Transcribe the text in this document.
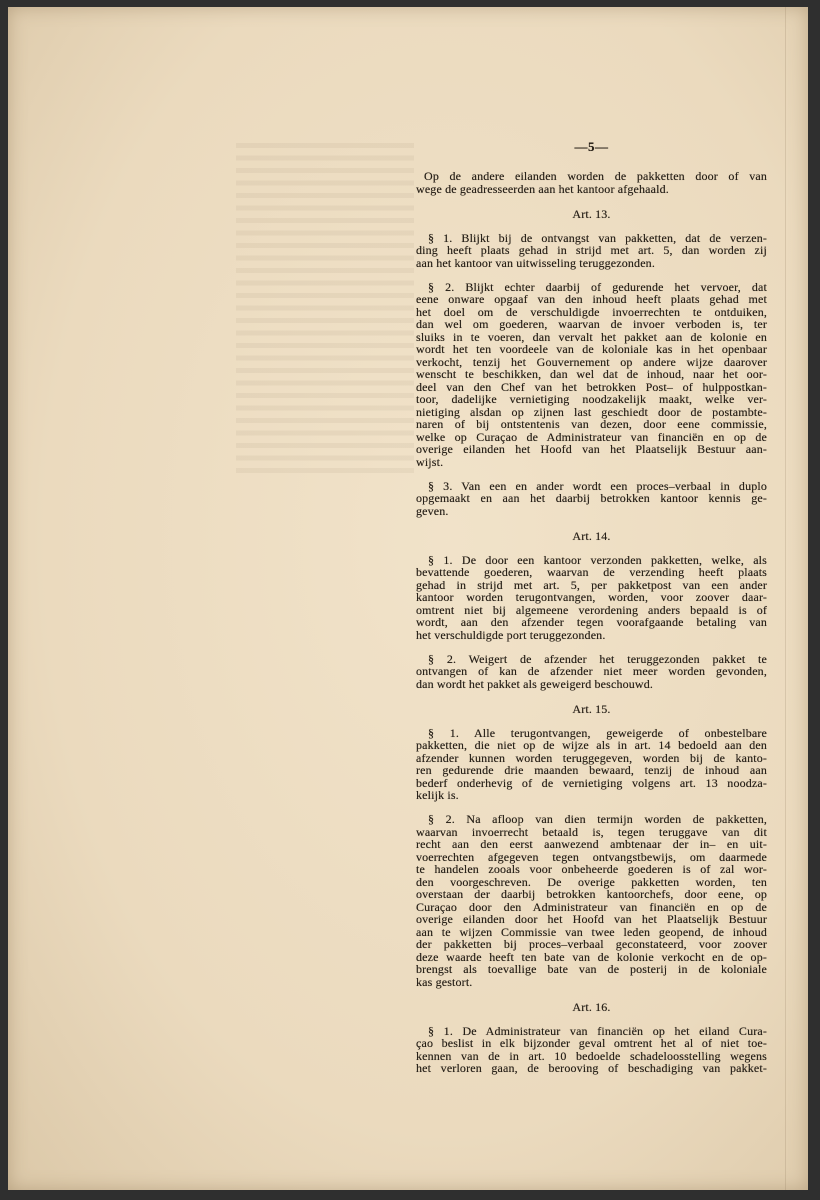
—5—
Op de andere eilanden worden de pakketten door of van
wege de geadresseerden aan het kantoor afgehaald.
Art. 13.
§ 1. Blijkt bij de ontvangst van pakketten, dat de verzen-
ding heeft plaats gehad in strijd met art. 5, dan worden zij
aan het kantoor van uitwisseling teruggezonden.
§ 2. Blijkt echter daarbij of gedurende het vervoer, dat
eene onware opgaaf van den inhoud heeft plaats gehad met
het doel om de verschuldigde invoerrechten te ontduiken,
dan wel om goederen, waarvan de invoer verboden is, ter
sluiks in te voeren, dan vervalt het pakket aan de kolonie en
wordt het ten voordeele van de koloniale kas in het openbaar
verkocht, tenzij het Gouvernement op andere wijze daarover
wenscht te beschikken, dan wel dat de inhoud, naar het oor-
deel van den Chef van het betrokken Post– of hulppostkan-
toor, dadelijke vernietiging noodzakelijk maakt, welke ver-
nietiging alsdan op zijnen last geschiedt door de postambte-
naren of bij ontstentenis van dezen, door eene commissie,
welke op Curaçao de Administrateur van financiën en op de
overige eilanden het Hoofd van het Plaatselijk Bestuur aan-
wijst.
§ 3. Van een en ander wordt een proces–verbaal in duplo
opgemaakt en aan het daarbij betrokken kantoor kennis ge-
geven.
Art. 14.
§ 1. De door een kantoor verzonden pakketten, welke, als
bevattende goederen, waarvan de verzending heeft plaats
gehad in strijd met art. 5, per pakketpost van een ander
kantoor worden terugontvangen, worden, voor zoover daar-
omtrent niet bij algemeene verordening anders bepaald is of
wordt, aan den afzender tegen voorafgaande betaling van
het verschuldigde port teruggezonden.
§ 2. Weigert de afzender het teruggezonden pakket te
ontvangen of kan de afzender niet meer worden gevonden,
dan wordt het pakket als geweigerd beschouwd.
Art. 15.
§ 1. Alle terugontvangen, geweigerde of onbestelbare
pakketten, die niet op de wijze als in art. 14 bedoeld aan den
afzender kunnen worden teruggegeven, worden bij de kanto-
ren gedurende drie maanden bewaard, tenzij de inhoud aan
bederf onderhevig of de vernietiging volgens art. 13 noodza-
kelijk is.
§ 2. Na afloop van dien termijn worden de pakketten,
waarvan invoerrecht betaald is, tegen teruggave van dit
recht aan den eerst aanwezend ambtenaar der in– en uit-
voerrechten afgegeven tegen ontvangstbewijs, om daarmede
te handelen zooals voor onbeheerde goederen is of zal wor-
den voorgeschreven. De overige pakketten worden, ten
overstaan der daarbij betrokken kantoorchefs, door eene, op
Curaçao door den Administrateur van financiën en op de
overige eilanden door het Hoofd van het Plaatselijk Bestuur
aan te wijzen Commissie van twee leden geopend, de inhoud
der pakketten bij proces–verbaal geconstateerd, voor zoover
deze waarde heeft ten bate van de kolonie verkocht en de op-
brengst als toevallige bate van de posterij in de koloniale
kas gestort.
Art. 16.
§ 1. De Administrateur van financiën op het eiland Cura-
çao beslist in elk bijzonder geval omtrent het al of niet toe-
kennen van de in art. 10 bedoelde schadeloosstelling wegens
het verloren gaan, de berooving of beschadiging van pakket-
